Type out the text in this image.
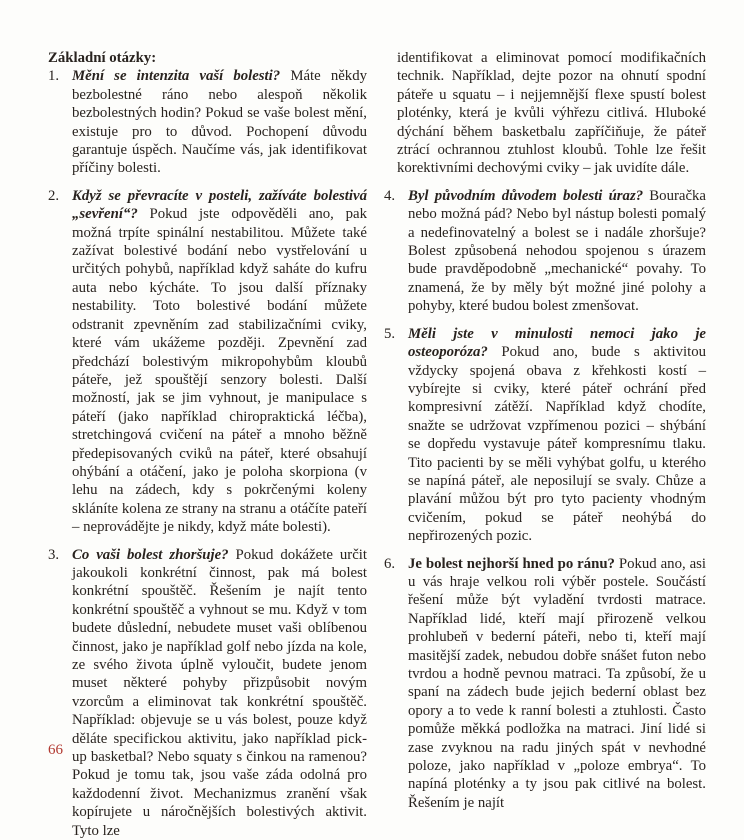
Základní otázky:
1. Mění se intenzita vaší bolesti? Máte někdy bezbolestné ráno nebo alespoň několik bezbolestných hodin? Pokud se vaše bolest mění, existuje pro to důvod. Pochopení důvodu garantuje úspěch. Naučíme vás, jak identifikovat příčiny bolesti.

2. Když se převracíte v posteli, zažíváte bolestivá „sevření“? Pokud jste odpověděli ano, pak možná trpíte spinální nestabilitou. Můžete také zažívat bolestivé bodání nebo vystřelování u určitých pohybů, například když saháte do kufru auta nebo kýcháte. To jsou další příznaky nestability. Toto bolestivé bodání můžete odstranit zpevněním zad stabilizačními cviky, které vám ukážeme později. Zpevnění zad předchází bolestivým mikropohybům kloubů páteře, jež spouštějí senzory bolesti. Další možností, jak se jim vyhnout, je manipulace s páteří (jako například chiropraktická léčba), stretchingová cvičení na páteř a mnoho běžně předepisovaných cviků na páteř, které obsahují ohýbání a otáčení, jako je poloha skorpiona (v lehu na zádech, kdy s pokrčenými koleny skláníte kolena ze strany na stranu a otáčíte pateří – neprovádějte je nikdy, když máte bolesti).

3. Co vaši bolest zhoršuje? Pokud dokážete určit jakoukoli konkrétní činnost, pak má bolest konkrétní spouštěč. Řešením je najít tento konkrétní spouštěč a vyhnout se mu. Když v tom budete důslední, nebudete muset vaši oblíbenou činnost, jako je například golf nebo jízda na kole, ze svého života úplně vyloučit, budete jenom muset některé pohyby přizpůsobit novým vzorcům a eliminovat tak konkrétní spouštěč. Například: objevuje se u vás bolest, pouze když děláte specifickou aktivitu, jako například pick-up basketbal? Nebo squaty s činkou na ramenou? Pokud je tomu tak, jsou vaše záda odolná pro každodenní život. Mechanizmus zranění však kopírujete u náročnějších bolestivých aktivit. Tyto lze

identifikovat a eliminovat pomocí modifikačních technik. Například, dejte pozor na ohnutí spodní páteře u squatu – i nejjemnější flexe spustí bolest ploténky, která je kvůli výhřezu citlivá. Hluboké dýchání během basketbalu zapříčiňuje, že páteř ztrácí ochrannou ztuhlost kloubů. Tohle lze řešit korektivními dechovými cviky – jak uvidíte dále.

4. Byl původním důvodem bolesti úraz? Bouračka nebo možná pád? Nebo byl nástup bolesti pomalý a nedefinovatelný a bolest se i nadále zhoršuje? Bolest způsobená nehodou spojenou s úrazem bude pravděpodobně „mechanické“ povahy. To znamená, že by měly být možné jiné polohy a pohyby, které budou bolest zmenšovat.

5. Měli jste v minulosti nemoci jako je osteoporóza? Pokud ano, bude s aktivitou vždycky spojená obava z křehkosti kostí – vybírejte si cviky, které páteř ochrání před kompresivní zátěží. Například když chodíte, snažte se udržovat vzpřímenou pozici – shýbání se dopředu vystavuje páteř kompresnímu tlaku. Tito pacienti by se měli vyhýbat golfu, u kterého se napíná páteř, ale neposilují se svaly. Chůze a plavání můžou být pro tyto pacienty vhodným cvičením, pokud se páteř neohýbá do nepřirozených pozic.

6. Je bolest nejhorší hned po ránu? Pokud ano, asi u vás hraje velkou roli výběr postele. Součástí řešení může být vyladění tvrdosti matrace. Například lidé, kteří mají přirozeně velkou prohlubeň v bederní páteři, nebo ti, kteří mají masitější zadek, nebudou dobře snášet futon nebo tvrdou a hodně pevnou matraci. Ta způsobí, že u spaní na zádech bude jejich bederní oblast bez opory a to vede k ranní bolesti a ztuhlosti. Často pomůže měkká podložka na matraci. Jiní lidé si zase zvyknou na radu jiných spát v nevhodné poloze, jako například v „poloze embrya“. To napíná ploténky a ty jsou pak citlivé na bolest. Řešením je najít

66
